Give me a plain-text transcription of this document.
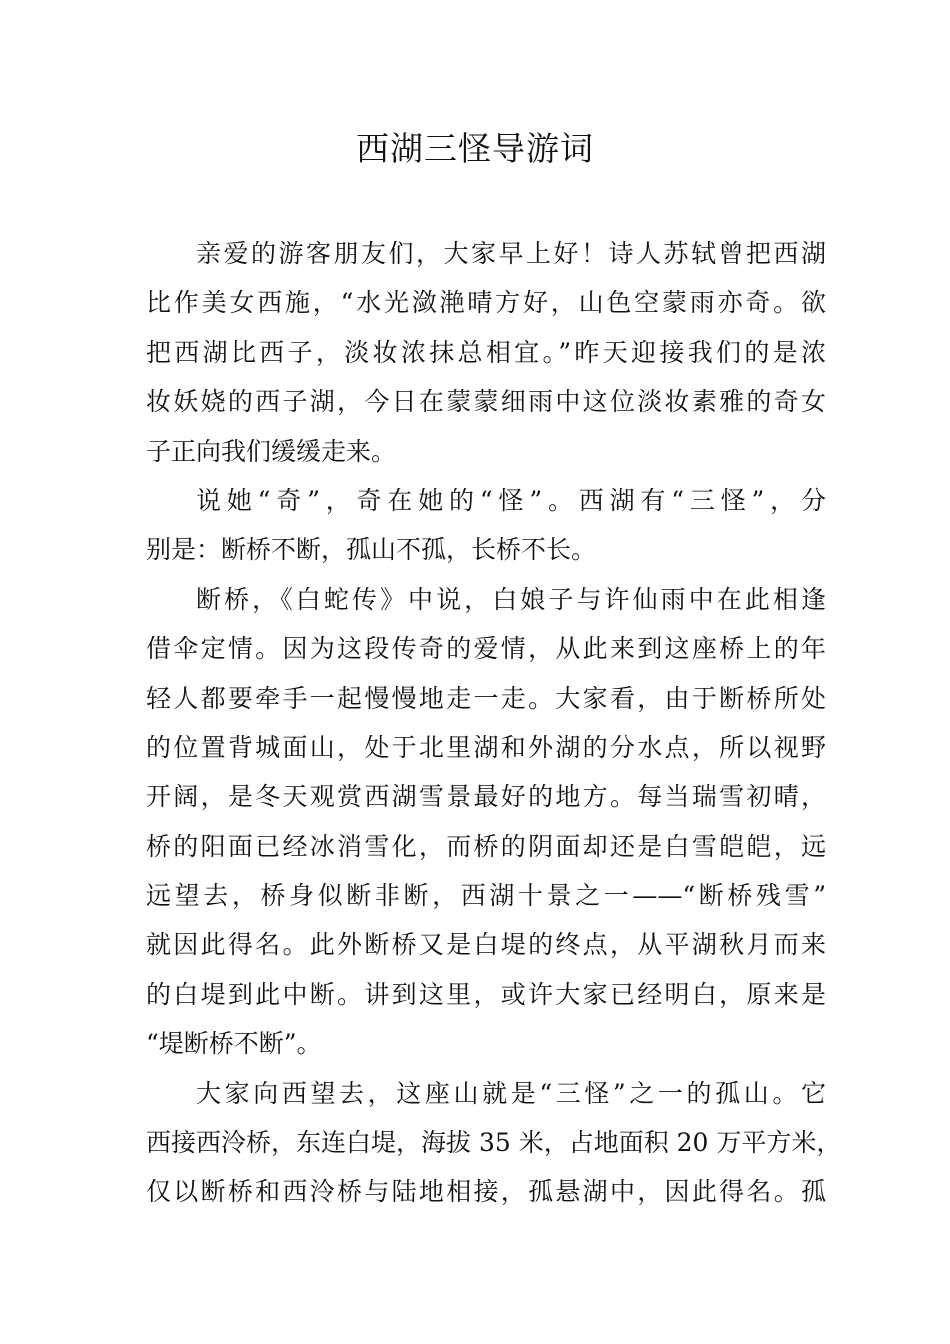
西湖三怪导游词
亲爱的游客朋友们，大家早上好！诗人苏轼曾把西湖
比作美女西施，“水光潋滟晴方好，山色空蒙雨亦奇。欲
把西湖比西子，淡妆浓抹总相宜。”昨天迎接我们的是浓
妆妖娆的西子湖，今日在蒙蒙细雨中这位淡妆素雅的奇女
子正向我们缓缓走来。
说她“奇”，奇在她的“怪”。西湖有“三怪”，分
别是：断桥不断，孤山不孤，长桥不长。
断桥，《白蛇传》中说，白娘子与许仙雨中在此相逢
借伞定情。因为这段传奇的爱情，从此来到这座桥上的年
轻人都要牵手一起慢慢地走一走。大家看，由于断桥所处
的位置背城面山，处于北里湖和外湖的分水点，所以视野
开阔，是冬天观赏西湖雪景最好的地方。每当瑞雪初晴，
桥的阳面已经冰消雪化，而桥的阴面却还是白雪皑皑，远
远望去，桥身似断非断，西湖十景之一——“断桥残雪”
就因此得名。此外断桥又是白堤的终点，从平湖秋月而来
的白堤到此中断。讲到这里，或许大家已经明白，原来是
“堤断桥不断”。
大家向西望去，这座山就是“三怪”之一的孤山。它
西接西泠桥，东连白堤，海拔 35 米，占地面积 20 万平方米，
仅以断桥和西泠桥与陆地相接，孤悬湖中，因此得名。孤
